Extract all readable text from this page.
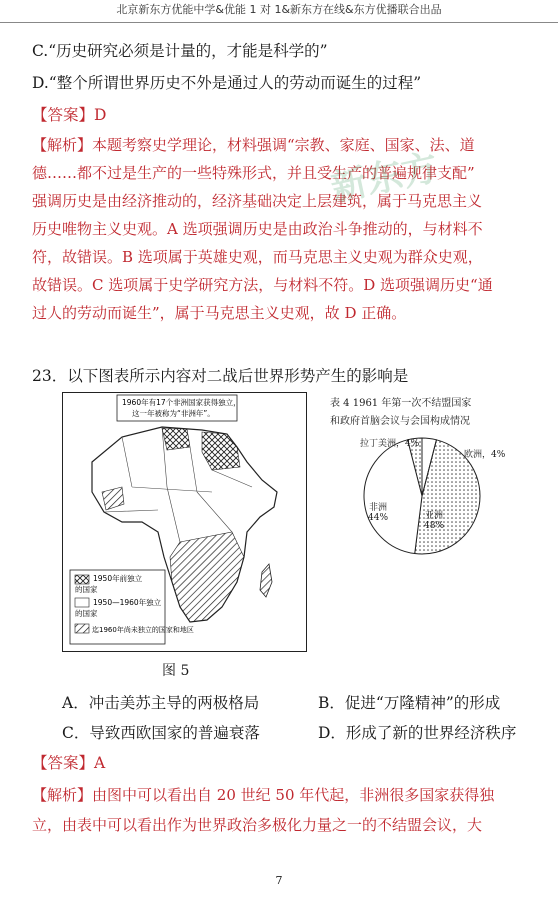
北京新东方优能中学&优能 1 对 1&新东方在线&东方优播联合出品
C.“历史研究必须是计量的，才能是科学的”
D.“整个所谓世界历史不外是通过人的劳动而诞生的过程”
【答案】D
【解析】本题考察史学理论，材料强调“宗教、家庭、国家、法、道
德……都不过是生产的一些特殊形式，并且受生产的普遍规律支配”
强调历史是由经济推动的，经济基础决定上层建筑，属于马克思主义
历史唯物主义史观。A 选项强调历史是由政治斗争推动的，与材料不
符，故错误。B 选项属于英雄史观，而马克思主义史观为群众史观，
故错误。C 选项属于史学研究方法，与材料不符。D 选项强调历史“通
过人的劳动而诞生”，属于马克思主义史观，故 D 正确。
23．以下图表所示内容对二战后世界形势产生的影响是
1960年有17个非洲国家获得独立，
这一年被称为“非洲年”。
1950年前独立
的国家
1950—1960年独立
的国家
迄1960年尚未独立的国家和地区
图 5
表 4 1961 年第一次不结盟国家
和政府首脑会议与会国构成情况
拉丁美洲，4%
欧洲，4%
亚洲
48%
非洲
44%
A．冲击美苏主导的两极格局	B．促进“万隆精神”的形成
C．导致西欧国家的普遍衰落	D．形成了新的世界经济秩序
【答案】A
【解析】由图中可以看出自 20 世纪 50 年代起，非洲很多国家获得独
立，由表中可以看出作为世界政治多极化力量之一的不结盟会议，大
7
新东方
